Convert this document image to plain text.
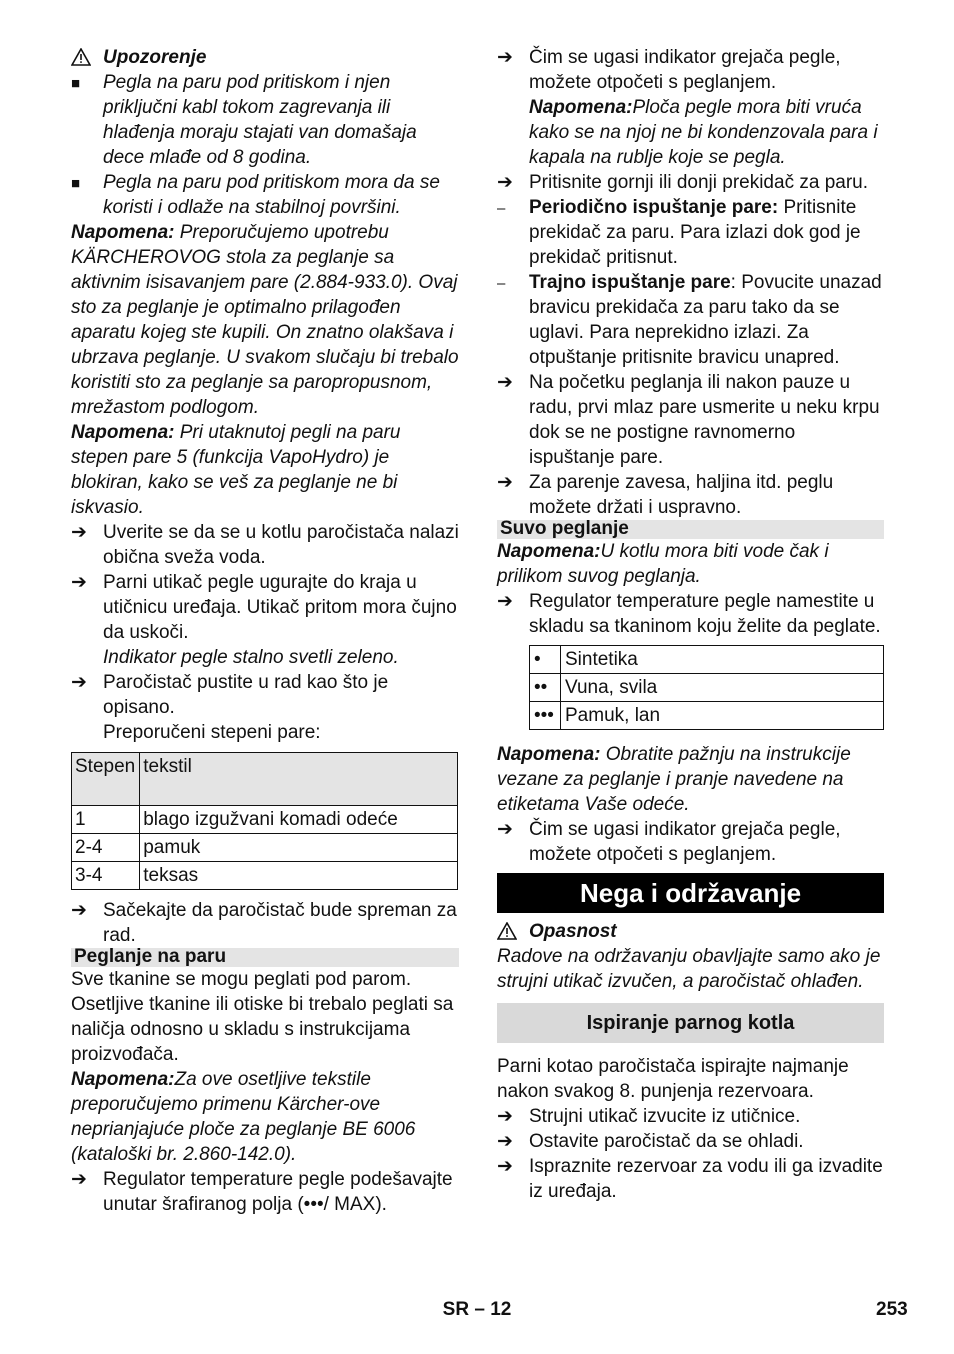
Upozorenje

■
Pegla na paru pod pritiskom i njen priključni kabl tokom zagrevanja ili hlađenja moraju stajati van domašaja dece mlađe od 8 godina.

■
Pegla na paru pod pritiskom mora da se koristi i odlaže na stabilnoj površini.

Napomena: Preporučujemo upotrebu KÄRCHEROVOG stola za peglanje sa aktivnim isisavanjem pare (2.884-933.0). Ovaj sto za peglanje je optimalno prilagođen aparatu kojeg ste kupili. On znatno olakšava i ubrzava peglanje. U svakom slučaju bi trebalo koristiti sto za peglanje sa paropropusnom, mrežastom podlogom.

Napomena: Pri utaknutoj pegli na paru stepen pare 5 (funkcija VapoHydro) je blokiran, kako se veš za peglanje ne bi iskvasio.

➔
Uverite se da se u kotlu paročistača nalazi obična sveža voda.

➔
Parni utikač pegle ugurajte do kraja u utičnicu uređaja. Utikač pritom mora čujno da uskoči.

Indikator pegle stalno svetli zeleno.

➔
Paročistač pustite u rad kao što je opisano.

Preporučeni stepeni pare:

Stepen	tekstil
1	blago izgužvani komadi odeće
2-4	pamuk
3-4	teksas

➔
Sačekajte da paročistač bude spreman za rad.

Peglanje na paru

Sve tkanine se mogu peglati pod parom. Osetljive tkanine ili otiske bi trebalo peglati sa naličja odnosno u skladu s instrukcijama proizvođača.

Napomena:Za ove osetljive tekstile preporučujemo primenu Kärcher-ove neprianjajuće ploče za peglanje BE 6006 (kataloški br. 2.860-142.0).

➔
Regulator temperature pegle podešavajte unutar šrafiranog polja (•••/ MAX).

➔
Čim se ugasi indikator grejača pegle, možete otpočeti s peglanjem.

Napomena:Ploča pegle mora biti vruća kako se na njoj ne bi kondenzovala para i kapala na rublje koje se pegla.

➔
Pritisnite gornji ili donji prekidač za paru.

–
Periodično ispuštanje pare: Pritisnite prekidač za paru. Para izlazi dok god je prekidač pritisnut.

–
Trajno ispuštanje pare: Povucite unazad bravicu prekidača za paru tako da se uglavi. Para neprekidno izlazi. Za otpuštanje pritisnite bravicu unapred.

➔
Na početku peglanja ili nakon pauze u radu, prvi mlaz pare usmerite u neku krpu dok se ne postigne ravnomerno ispuštanje pare.

➔
Za parenje zavesa, haljina itd. peglu možete držati i uspravno.

Suvo peglanje

Napomena:U kotlu mora biti vode čak i prilikom suvog peglanja.

➔
Regulator temperature pegle namestite u skladu sa tkaninom koju želite da peglate.

•	Sintetika
••	Vuna, svila
•••	Pamuk, lan

Napomena: Obratite pažnju na instrukcije vezane za peglanje i pranje navedene na etiketama Vaše odeće.

➔
Čim se ugasi indikator grejača pegle, možete otpočeti s peglanjem.

Nega i održavanje

Opasnost

Radove na održavanju obavljajte samo ako je strujni utikač izvučen, a paročistač ohlađen.

Ispiranje parnog kotla

Parni kotao paročistača ispirajte najmanje nakon svakog 8. punjenja rezervoara.

➔
Strujni utikač izvucite iz utičnice.

➔
Ostavite paročistač da se ohladi.

➔
Ispraznite rezervoar za vodu ili ga izvadite iz uređaja.

SR – 12	253
